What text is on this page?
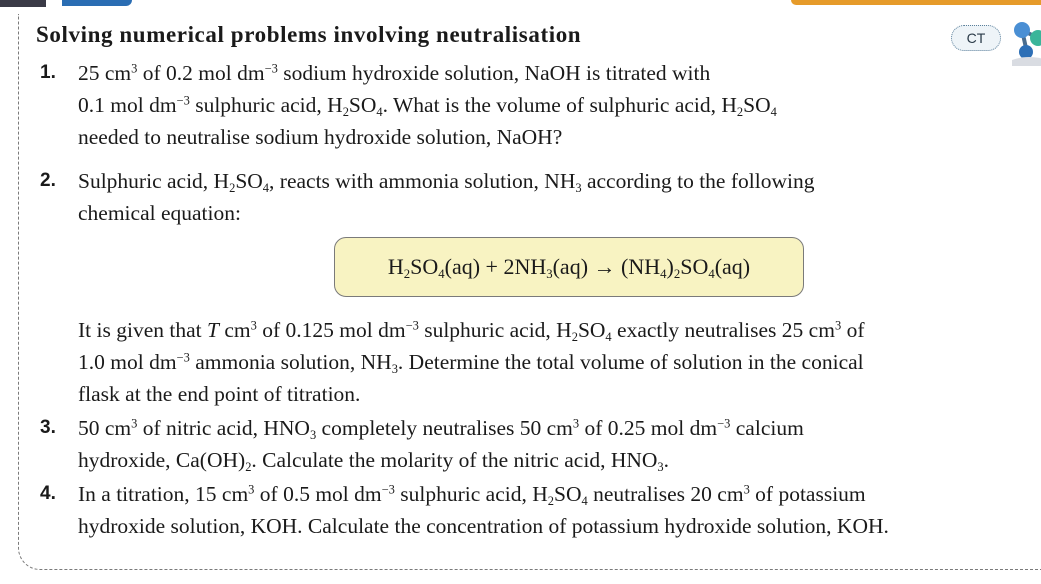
Solving numerical problems involving neutralisation	CT
1. 25 $cm^3$ of 0.2 mol $dm^{-3}$ sodium hydroxide solution, NaOH is titrated with
0.1 mol $dm^{-3}$ sulphuric acid, $H_2SO_4$. What is the volume of sulphuric acid, $H_2SO_4$
needed to neutralise sodium hydroxide solution, NaOH?
2. Sulphuric acid, $H_2SO_4$, reacts with ammonia solution, $NH_3$ according to the following
chemical equation:
$H_2SO_4(aq) + 2NH_3(aq) \to (NH_4)_2SO_4(aq)$
It is given that T $cm^3$ of 0.125 mol $dm^{-3}$ sulphuric acid, $H_2SO_4$ exactly neutralises 25 $cm^3$ of
1.0 mol $dm^{-3}$ ammonia solution, $NH_3$. Determine the total volume of solution in the conical
flask at the end point of titration.
3. 50 $cm^3$ of nitric acid, $HNO_3$ completely neutralises 50 $cm^3$ of 0.25 mol $dm^{-3}$ calcium
hydroxide, $Ca(OH)_2$. Calculate the molarity of the nitric acid, $HNO_3$.
4. In a titration, 15 $cm^3$ of 0.5 mol $dm^{-3}$ sulphuric acid, $H_2SO_4$ neutralises 20 $cm^3$ of potassium
hydroxide solution, KOH. Calculate the concentration of potassium hydroxide solution, KOH.
